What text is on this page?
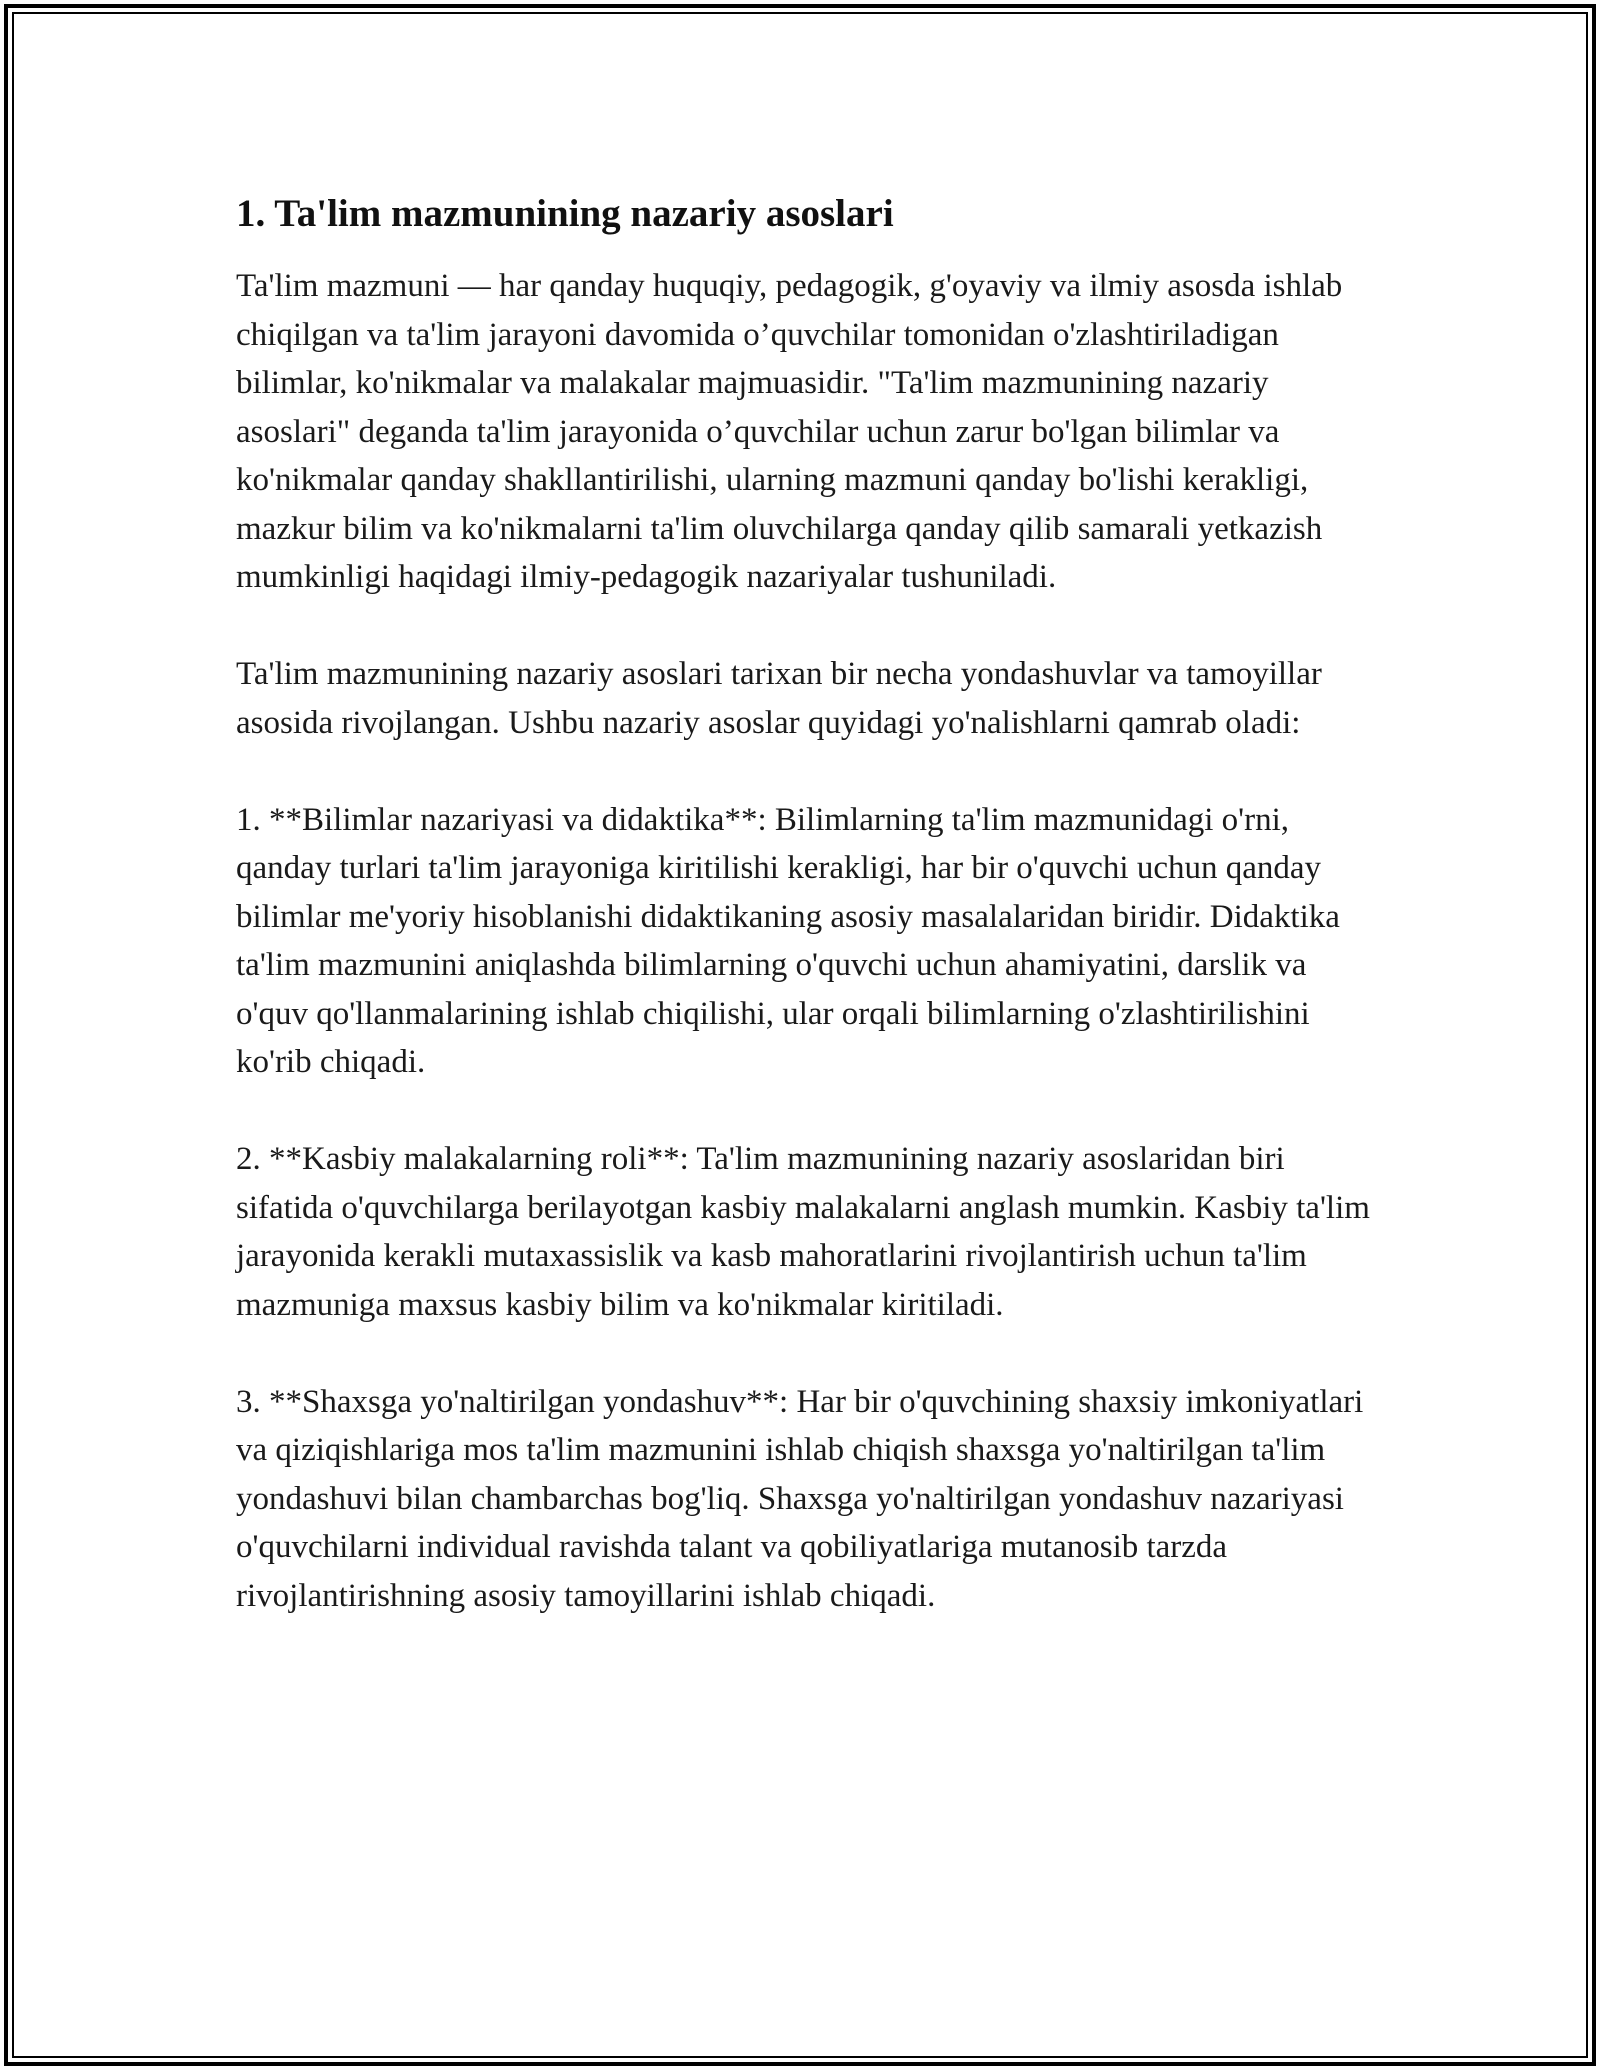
1. Ta'lim mazmunining nazariy asoslari

Ta'lim mazmuni — har qanday huquqiy, pedagogik, g'oyaviy va ilmiy asosda ishlab chiqilgan va ta'lim jarayoni davomida o’quvchilar tomonidan o'zlashtiriladigan bilimlar, ko'nikmalar va malakalar majmuasidir. "Ta'lim mazmunining nazariy asoslari" deganda ta'lim jarayonida o’quvchilar uchun zarur bo'lgan bilimlar va ko'nikmalar qanday shakllantirilishi, ularning mazmuni qanday bo'lishi kerakligi, mazkur bilim va ko'nikmalarni ta'lim oluvchilarga qanday qilib samarali yetkazish mumkinligi haqidagi ilmiy-pedagogik nazariyalar tushuniladi.

Ta'lim mazmunining nazariy asoslari tarixan bir necha yondashuvlar va tamoyillar asosida rivojlangan. Ushbu nazariy asoslar quyidagi yo'nalishlarni qamrab oladi:

1. **Bilimlar nazariyasi va didaktika**: Bilimlarning ta'lim mazmunidagi o'rni, qanday turlari ta'lim jarayoniga kiritilishi kerakligi, har bir o'quvchi uchun qanday bilimlar me'yoriy hisoblanishi didaktikaning asosiy masalalaridan biridir. Didaktika ta'lim mazmunini aniqlashda bilimlarning o'quvchi uchun ahamiyatini, darslik va o'quv qo'llanmalarining ishlab chiqilishi, ular orqali bilimlarning o'zlashtirilishini ko'rib chiqadi.

2. **Kasbiy malakalarning roli**: Ta'lim mazmunining nazariy asoslaridan biri sifatida o'quvchilarga berilayotgan kasbiy malakalarni anglash mumkin. Kasbiy ta'lim jarayonida kerakli mutaxassislik va kasb mahoratlarini rivojlantirish uchun ta'lim mazmuniga maxsus kasbiy bilim va ko'nikmalar kiritiladi.

3. **Shaxsga yo'naltirilgan yondashuv**: Har bir o'quvchining shaxsiy imkoniyatlari va qiziqishlariga mos ta'lim mazmunini ishlab chiqish shaxsga yo'naltirilgan ta'lim yondashuvi bilan chambarchas bog'liq. Shaxsga yo'naltirilgan yondashuv nazariyasi o'quvchilarni individual ravishda talant va qobiliyatlariga mutanosib tarzda rivojlantirishning asosiy tamoyillarini ishlab chiqadi.
